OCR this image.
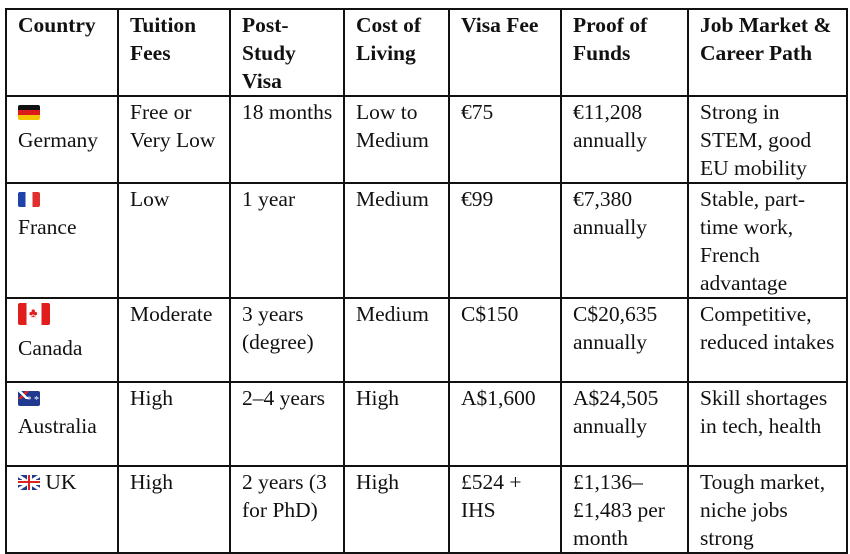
Country	Tuition Fees	Post-Study Visa	Cost of Living	Visa Fee	Proof of Funds	Job Market & Career Path

Germany	Free or Very Low	18 months	Low to Medium	€75	€11,208 annually	Strong in STEM, good EU mobility

France	Low	1 year	Medium	€99	€7,380 annually	Stable, part-time work, French advantage
♣
Canada	Moderate	3 years (degree)	Medium	C$150	C$20,635 annually	Competitive, reduced intakes
* *
Australia	High	2–4 years	High	A$1,600	A$24,505 annually	Skill shortages in tech, health
UK	High	2 years (3 for PhD)	High	£524 + IHS	£1,136–£1,483 per month	Tough market, niche jobs strong
